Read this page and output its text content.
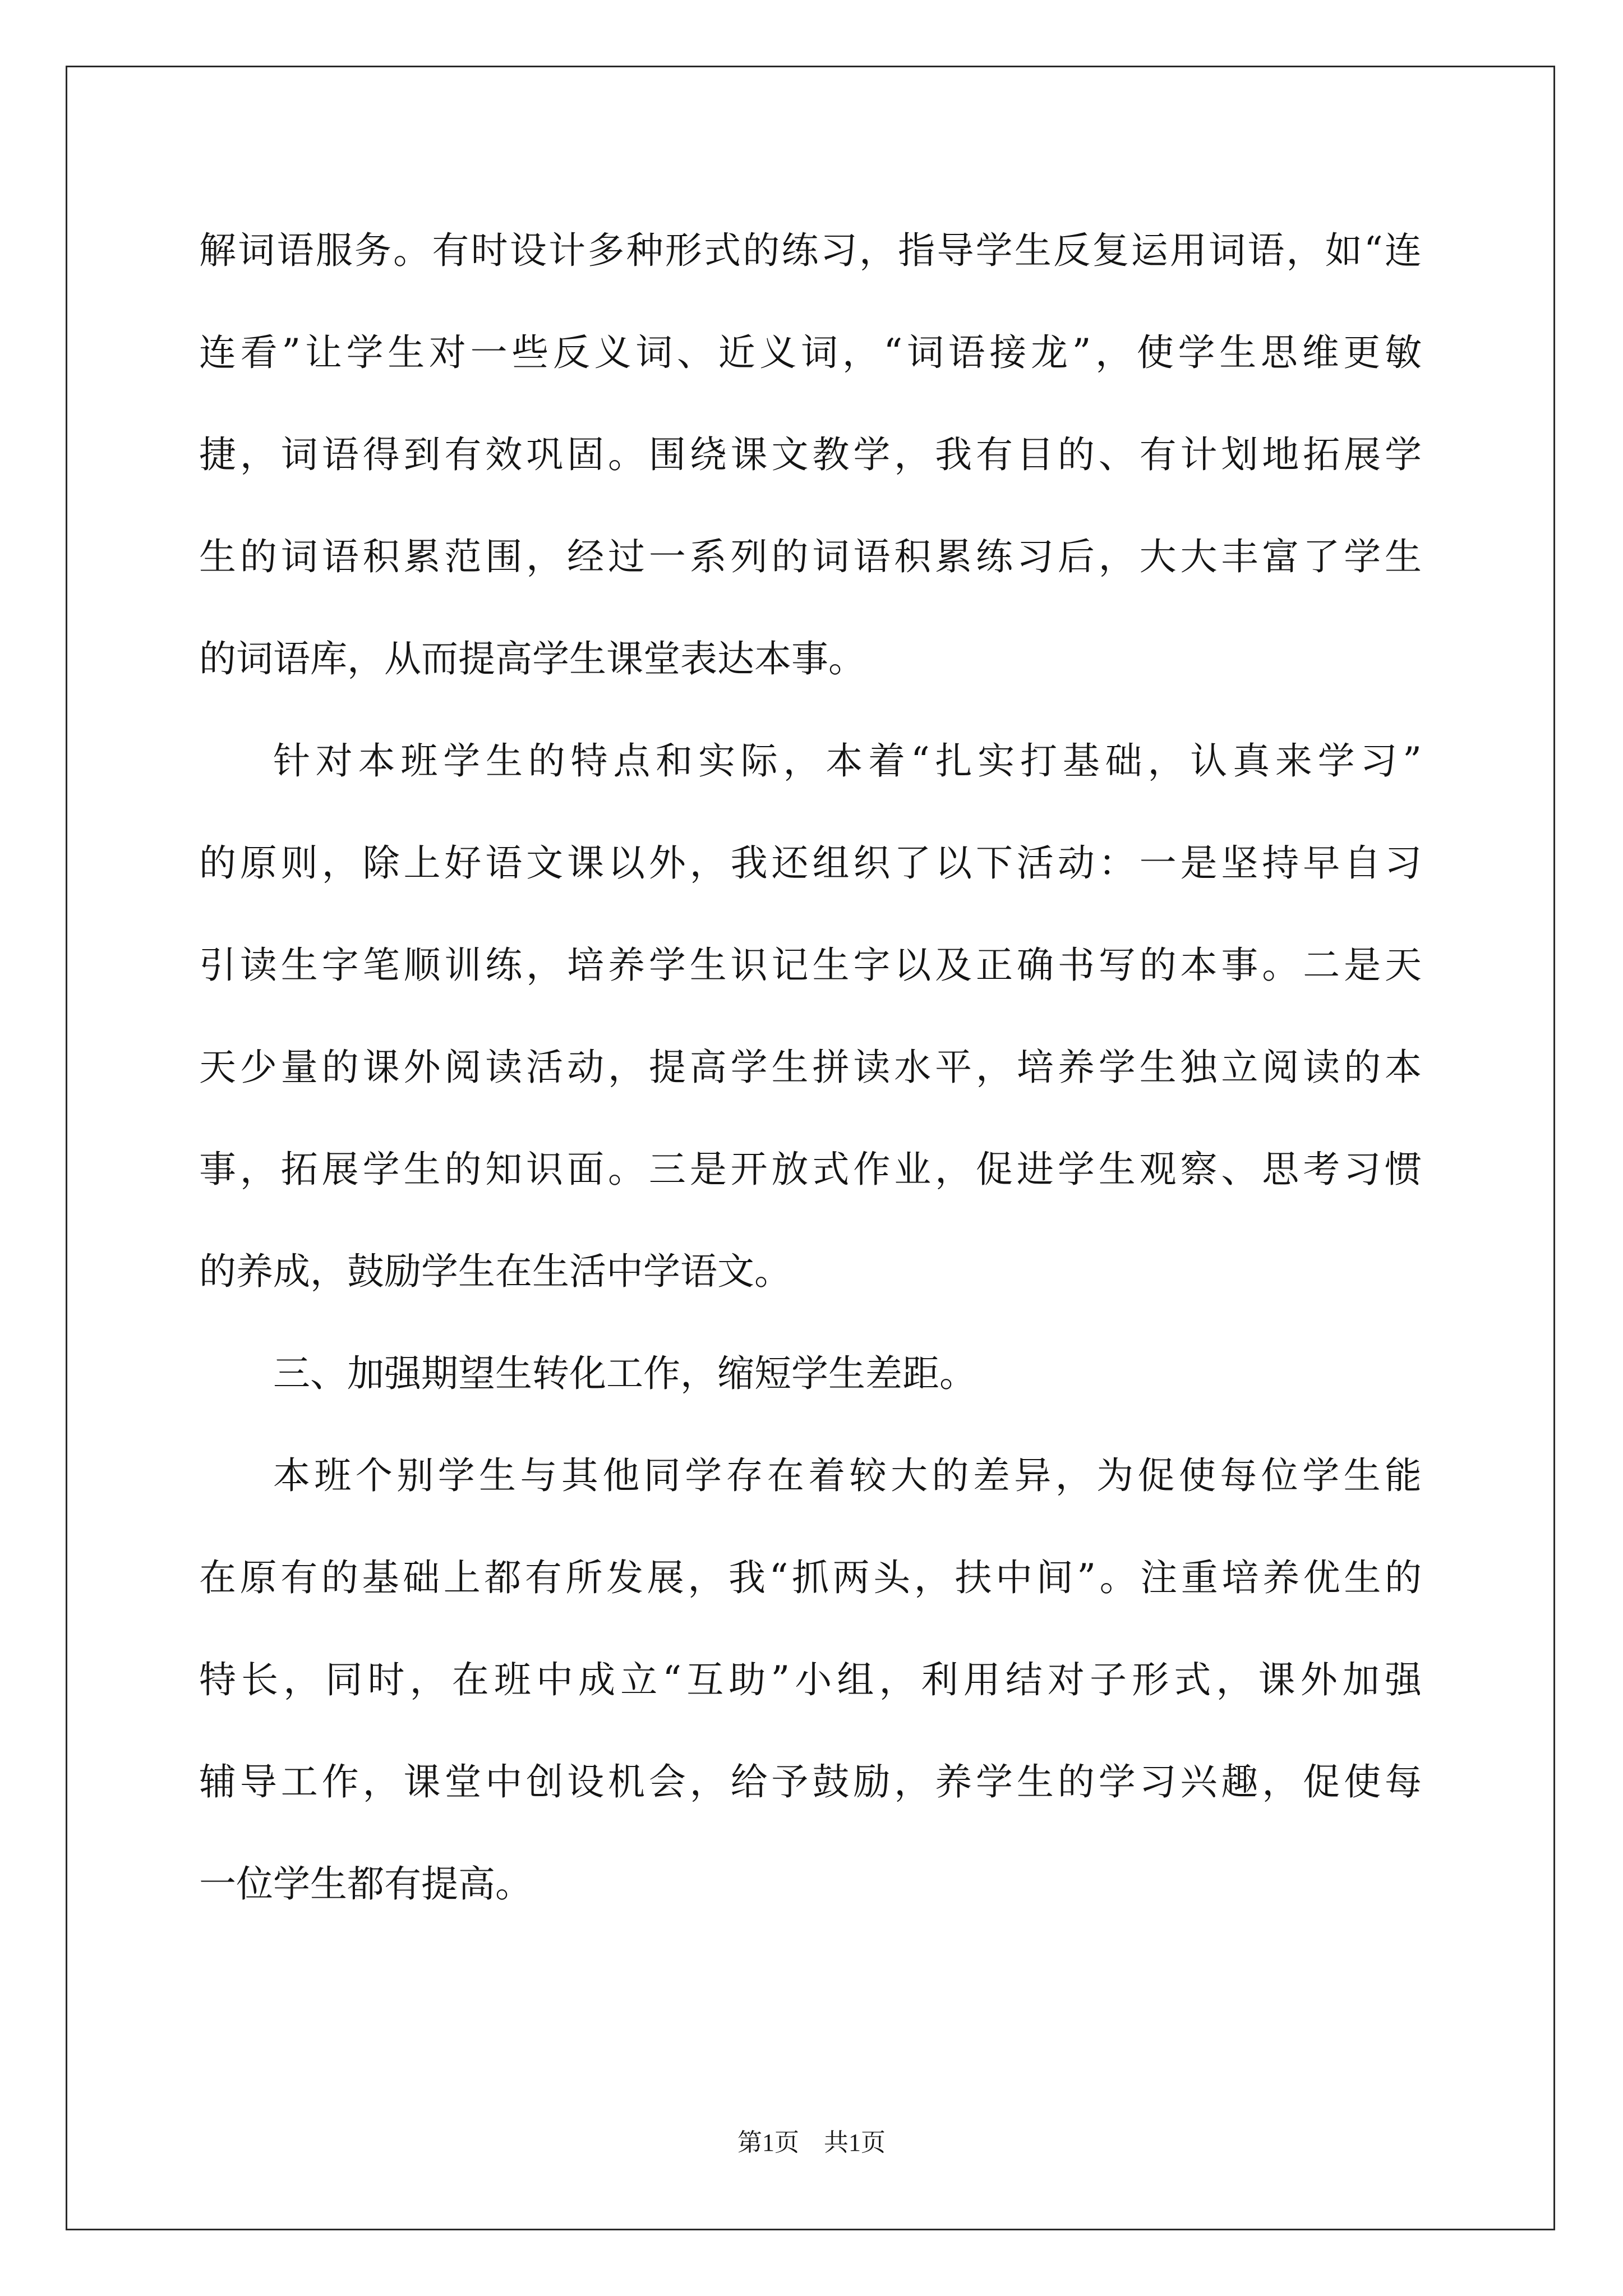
解词语服务。有时设计多种形式的练习，指导学生反复运用词语，如“连
连看”让学生对一些反义词、近义词，“词语接龙”，使学生思维更敏
捷，词语得到有效巩固。围绕课文教学，我有目的、有计划地拓展学
生的词语积累范围，经过一系列的词语积累练习后，大大丰富了学生
的词语库，从而提高学生课堂表达本事。
针对本班学生的特点和实际，本着“扎实打基础，认真来学习”
的原则，除上好语文课以外，我还组织了以下活动：一是坚持早自习
引读生字笔顺训练，培养学生识记生字以及正确书写的本事。二是天
天少量的课外阅读活动，提高学生拼读水平，培养学生独立阅读的本
事，拓展学生的知识面。三是开放式作业，促进学生观察、思考习惯
的养成，鼓励学生在生活中学语文。
三、加强期望生转化工作，缩短学生差距。
本班个别学生与其他同学存在着较大的差异，为促使每位学生能
在原有的基础上都有所发展，我“抓两头，扶中间”。注重培养优生的
特长，同时，在班中成立“互助”小组，利用结对子形式，课外加强
辅导工作，课堂中创设机会，给予鼓励，养学生的学习兴趣，促使每
一位学生都有提高。
第1页　共1页
